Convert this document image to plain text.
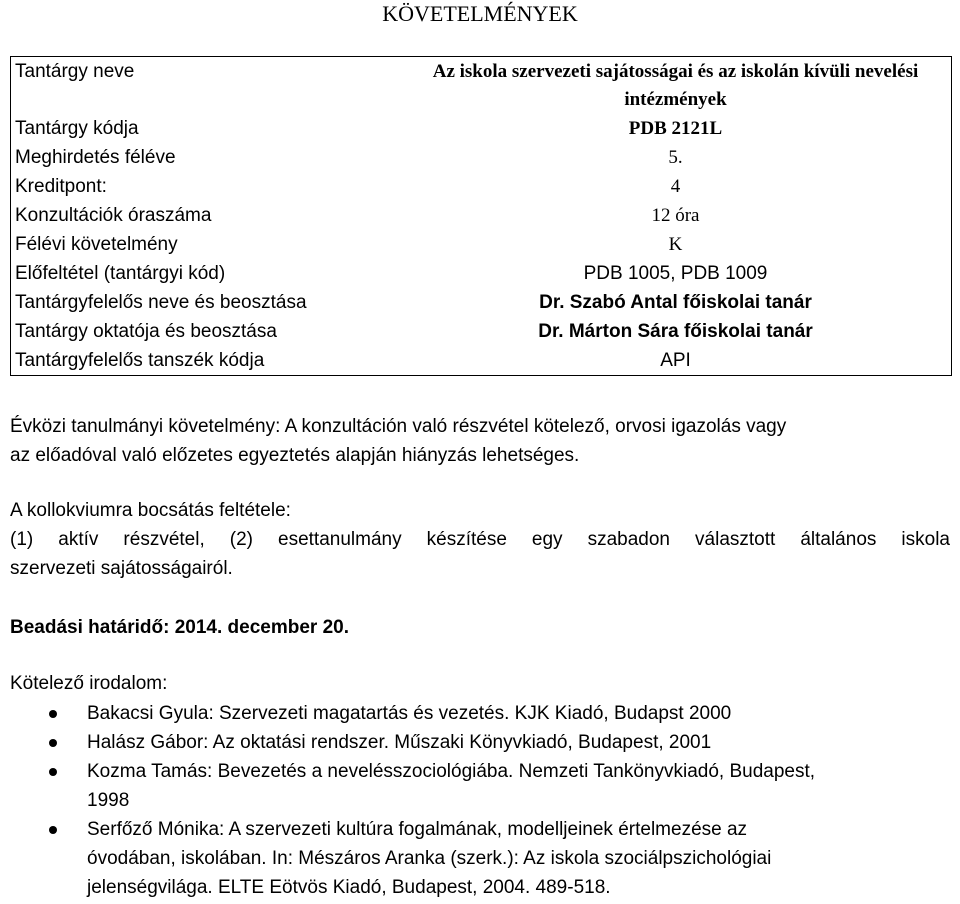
KÖVETELMÉNYEK
Tantárgy neve	Az iskola szervezeti sajátosságai és az iskolán kívüli nevelési intézmények
Tantárgy kódja	PDB 2121L
Meghirdetés féléve	5.
Kreditpont:	4
Konzultációk óraszáma	12 óra
Félévi követelmény	K
Előfeltétel (tantárgyi kód)	PDB 1005, PDB 1009
Tantárgyfelelős neve és beosztása	Dr. Szabó Antal főiskolai tanár
Tantárgy oktatója és beosztása	Dr. Márton Sára főiskolai tanár
Tantárgyfelelős tanszék kódja	API
Évközi tanulmányi követelmény: A konzultáción való részvétel kötelező, orvosi igazolás vagy
az előadóval való előzetes egyeztetés alapján hiányzás lehetséges.
A kollokviumra bocsátás feltétele:
(1) aktív részvétel, (2) esettanulmány készítése egy szabadon választott általános iskola
szervezeti sajátosságairól.
Beadási határidő: 2014. december 20.
Kötelező irodalom:
Bakacsi Gyula: Szervezeti magatartás és vezetés. KJK Kiadó, Budapst 2000
Halász Gábor: Az oktatási rendszer. Műszaki Könyvkiadó, Budapest, 2001
Kozma Tamás: Bevezetés a nevelésszociológiába. Nemzeti Tankönyvkiadó, Budapest,
1998
Serfőző Mónika: A szervezeti kultúra fogalmának, modelljeinek értelmezése az
óvodában, iskolában. In: Mészáros Aranka (szerk.): Az iskola szociálpszichológiai
jelenségvilága. ELTE Eötvös Kiadó, Budapest, 2004. 489-518.
